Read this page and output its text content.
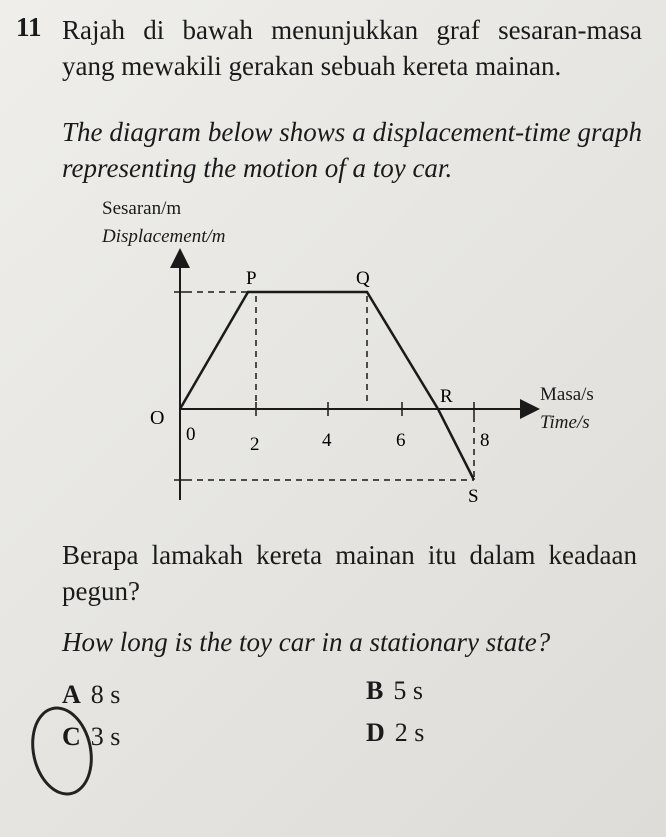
11 Rajah di bawah menunjukkan graf sesaran-masa yang mewakili gerakan sebuah kereta mainan.

The diagram below shows a displacement-time graph representing the motion of a toy car.

Sesaran/m
Displacement/m
Masa/s
Time/s
O
0	2	4	6	8
P	Q
R
S

Berapa lamakah kereta mainan itu dalam keadaan pegun?

How long is the toy car in a stationary state?

A 8 s	B 5 s
C 3 s	D 2 s
